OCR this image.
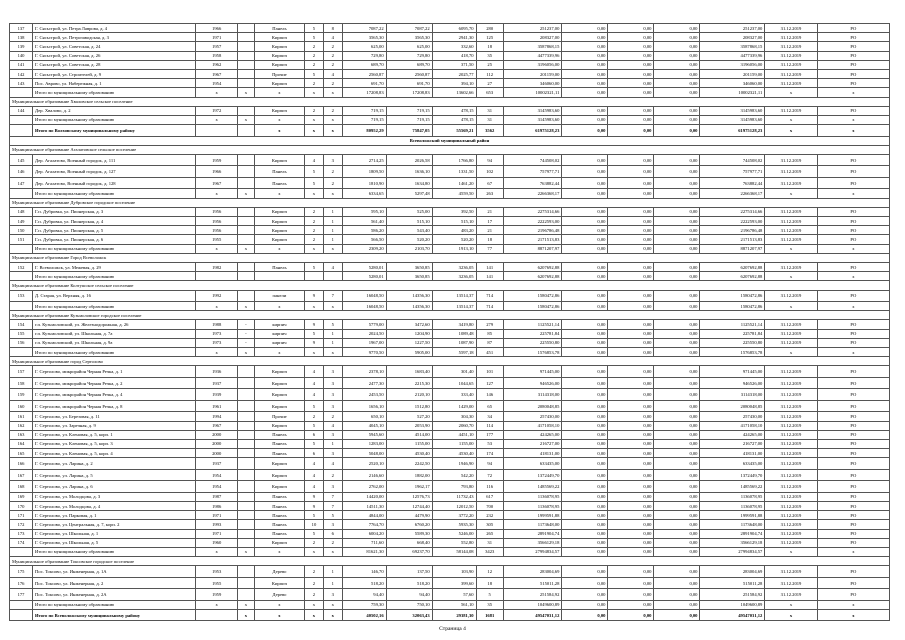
137	Г. Сясьстрой, ул. Петра Лаврова, д. 4	1966		Панель	5	8	7087,22	7087,22	6095,70	280	251237,00	0,00	0,00	0,00	251237,00	31.12.2019	РО
138	Г. Сясьстрой, ул. Петрозаводская, д. 3	1971		Кирпич	5	4	3565,30	3565,30	2941,30	125	208327,00	0,00	0,00	0,00	208327,00	31.12.2019	РО
139	Г. Сясьстрой, ул. Советская, д. 24	1957		Кирпич	2	2	625,00	625,00	332,60	18	3587868,15	0,00	0,00	0,00	3587868,15	31.12.2019	РО
140	Г. Сясьстрой, ул. Советская, д. 26	1958		Кирпич	2	2	729,80	729,80	418,70	35	4477339,96	0,00	0,00	0,00	4477339,96	31.12.2019	РО
141	Г. Сясьстрой, ул. Советская, д. 28	1962		Кирпич	2	2	689,70	689,70	371,50	25	3196056,00	0,00	0,00	0,00	3196056,00	31.12.2019	РО
142	Г. Сясьстрой, ул. Строителей, д. 9	1967		Прочие	5	4	2560,87	2560,87	2025,77	112	201159,00	0,00	0,00	0,00	201159,00	31.12.2019	РО
143	Пос. Аврово, ул. Набережная, д. 1	1954		Кирпич	2	2	691,70	691,70	394,10	27	346060,00	0,00	0,00	0,00	346060,00	31.12.2019	РО
	Итого по муниципальному образованию	х	х	х	х	х	17208,83	17208,83	13602,66	653	10002321,11	0,00	0,00	0,00	10002321,11	х	х
Муниципальное образование Хваловское сельское поселение																	
144	Дер. Хвалово, д. 2	1972		Кирпич	2	2	719,15	719,15	478,15	31	3145983,60	0,00	0,00	0,00	3145983,60	31.12.2019	РО
	Итого по муниципальному образованию	х	х	х	х	х	719,15	719,15	478,15	31	3145983,60	0,00	0,00	0,00	3145983,60	х	х
	Итого по Волховскому муниципальному району			х	х	х	80952,29	75847,05	55569,21	3562	61975128,23	0,00	0,00	0,00	61975128,23	х	х
Всеволожский муниципальный район																	
Муниципальное образование Агалатовское сельское поселение																	
145	Дер. Агалатово, Военный городок, д. 111	1959		Кирпич	4	3	2714,25	2026,58	1766,80	94	744508,02	0,00	0,00	0,00	744508,02	31.12.2019	РО
146	Дер. Агалатово, Военный городок, д. 127	1966		Панель	5	2	1809,50	1636,10	1331,50	102	757977,71	0,00	0,00	0,00	757977,71	31.12.2019	РО
147	Дер. Агалатово, Военный городок, д. 128	1967		Панель	5	2	1810,90	1634,80	1461,20	67	763882,44	0,00	0,00	0,00	763882,44	31.12.2019	РО
	Итого по муниципальному образованию	х	х	х	х	х	6334,65	5297,48	4559,50	263	2266368,17	0,00	0,00	0,00	2266368,17	х	х
Муниципальное образование Дубровское городское поселение																	
148	Г.п. Дубровка, ул. Пионерская, д. 3	1956		Кирпич	2	1	595,10	525,00	392,50	21	2275314,66	0,00	0,00	0,00	2275314,66	31.12.2019	РО
149	Г.п. Дубровка, ул. Пионерская, д. 4	1956		Кирпич	2	1	561,40	515,10	515,10	17	2222593,00	0,00	0,00	0,00	2222593,00	31.12.2019	РО
150	Г.п. Дубровка, ул. Пионерская, д. 5	1956		Кирпич	2	1	586,20	543,40	483,20	21	2196786,48	0,00	0,00	0,00	2196786,48	31.12.2019	РО
151	Г.п. Дубровка, ул. Пионерская, д. 6	1955		Кирпич	2	1	566,50	520,20	520,20	18	2171513,83	0,00	0,00	0,00	2171513,83	31.12.2019	РО
	Итого по муниципальному образованию	х	х	х	х	х	2309,20	2103,70	1913,10	77	8871207,97	0,00	0,00	0,00	8871207,97	х	х
Муниципальное образование Город Всеволожск																	
152	Г. Всеволожск, ул. Межевая, д. 29	1982		Панель	5	4	5280,01	3650,85	3236,05	141	6207692,88	0,00	0,00	0,00	6207692,88	31.12.2019	РО
	Итого по муниципальному образованию						5280,01	3650,85	3236,05	141	6207692,88	0,00	0,00	0,00	6207692,88	х	х
Муниципальное образование Колтушское сельское поселение																	
153	Д. Старая, ул. Верхняя, д. 16	1992		панели	9	7	16048,50	14356,30	13514,37	714	1580472,86	0,00	0,00	0,00	1580472,86	31.12.2019	РО
	Итого по муниципальному образованию	х	х	х	х	х	16048,50	14356,30	13514,37	714	1580472,86	0,00	0,00	0,00	1580472,86	х	х
Муниципальное образование Кузьмоловское городское поселение																	
154	г.п. Кузьмоловский, ул. Железнодорожная, д. 26	1988	-	кирпич	9	5	5779,00	3472,60	3419,80	279	1125521,14	0,00	0,00	0,00	1125521,14	31.12.2019	РО
155	г.п. Кузьмоловский, ул. Школьная, д. 7а	1973	-	кирпич	5	1	2024,50	1204,90	1089,48	85	225781,84	0,00	0,00	0,00	225781,84	31.12.2019	РО
156	г.п. Кузьмоловский, ул. Школьная, д. 9а	1973	-	кирпич	9	1	1967,00	1227,50	1087,90	87	225550,80	0,00	0,00	0,00	225550,80	31.12.2019	РО
	Итого по муниципальному образованию	х	х	х	х	х	9770,50	5905,00	5597,18	451	1576853,78	0,00	0,00	0,00	1576853,78	х	х
Муниципальное образование город Сертолово																	
157	Г. Сертолово, микрорайон Черная Речка, д. 1	1936		Кирпич	4	3	2378,10	1683,40	301,40	101	971445,00	0,00	0,00	0,00	971445,00	31.12.2019	РО
158	Г. Сертолово, микрорайон Черная Речка, д. 2	1937		Кирпич	4	3	2477,30	2215,30	1044,65	127	946526,00	0,00	0,00	0,00	946526,00	31.12.2019	РО
159	Г. Сертолово, микрорайон Черная Речка, д. 4	1939		Кирпич	4	3	2453,50	2120,10	333,40	146	3114318,00	0,00	0,00	0,00	3114318,00	31.12.2019	РО
160	Г. Сертолово, микрорайон Черная Речка, д. 8	1961		Кирпич	5	3	1656,10	1512,80	1429,00	65	2080048,85	0,00	0,00	0,00	2080048,85	31.12.2019	РО
161	Г. Сертолово, ул. Березовая, д. 11	1994		Прочие	2	2	650,10	527,20	304,30	34	257430,00	0,00	0,00	0,00	257430,00	31.12.2019	РО
162	Г. Сертолово, ул. Заречная, д. 9	1967		Кирпич	5	4	4045,10	2053,90	2060,70	114	4171058,10	0,00	0,00	0,00	4171058,10	31.12.2019	РО
163	Г. Сертолово, ул. Кленовая, д. 5, корп. 1	2000		Панель	6	3	5945,60	4514,00	4451,10	177	424265,00	0,00	0,00	0,00	424265,00	31.12.2019	РО
164	Г. Сертолово, ул. Кленовая, д. 5, корп. 3	2000		Панель	5	1	1283,00	1155,00	1155,00	53	216727,00	0,00	0,00	0,00	216727,00	31.12.2019	РО
165	Г. Сертолово, ул. Кленовая, д. 5, корп. 4	2000		Панель	6	3	5048,00	4530,40	4530,40	174	418131,00	0,00	0,00	0,00	418131,00	31.12.2019	РО
166	Г. Сертолово, ул. Ларина, д. 2	1937		Кирпич	4	4	2520,10	2242,50	1946,90	94	633435,00	0,00	0,00	0,00	633435,00	31.12.2019	РО
167	Г. Сертолово, ул. Ларина, д. 5	1954		Кирпич	4	2	2146,60	1882,00	542,20	72	1372449,70	0,00	0,00	0,00	1372449,70	31.12.2019	РО
168	Г. Сертолово, ул. Ларина, д. 6	1954		Кирпич	4	3	2762,00	1962,17	793,80	116	1485569,22	0,00	0,00	0,00	1485569,22	31.12.2019	РО
169	Г. Сертолово, ул. Молодцова, д. 3	1987		Панель	9	7	14420,00	12576,73	11732,43	617	1136078,95	0,00	0,00	0,00	1136078,95	31.12.2019	РО
170	Г. Сертолово, ул. Молодцова, д. 4	1986		Панель	9	7	14511,30	12744,40	12012,50	700	1136078,95	0,00	0,00	0,00	1136078,95	31.12.2019	РО
171	Г. Сертолово, ул. Парковая, д. 1	1971		Панель	5	5	4844,00	4479,90	3772,20	232	1999591,88	0,00	0,00	0,00	1999591,88	31.12.2019	РО
172	Г. Сертолово, ул. Центральная, д. 7, корп. 2	1993		Панель	10	3	7764,70	6760,20	5935,30	305	1173648,00	0,00	0,00	0,00	1173648,00	31.12.2019	РО
173	Г. Сертолово, ул. Школьная, д. 1	1971		Панель	5	6	6004,20	5589,30	5246,00	265	2891904,74	0,00	0,00	0,00	2891904,74	31.12.2019	РО
174	Г. Сертолово, ул. Школьная, д. 5	1960		Кирпич	2	2	711,60	668,40	552,80	31	3566129,18	0,00	0,00	0,00	3566129,18	31.12.2019	РО
	Итого по муниципальному образованию	х	х	х	х	х	81621,30	69237,70	58144,08	3423	27994834,57	0,00	0,00	0,00	27994834,57	х	х
Муниципальное образование Токсовское городское поселение																	
175	Пос. Токсово, ул. Инженерная, д. 1А	1953		Дерево	2	1	146,70	137,50	103,90	12	283004,69	0,00	0,00	0,00	283004,69	31.12.2019	РО
176	Пос. Токсово, ул. Инженерная, д. 2	1955		Кирпич	2	1	518,20	518,20	399,60	18	515011,28	0,00	0,00	0,00	515011,28	31.12.2019	РО
177	Пос. Токсово, ул. Инженерная, д. 2А	1959		Дерево	2	3	94,40	94,40	57,60	5	251584,92	0,00	0,00	0,00	251584,92	31.12.2019	РО
	Итого по муниципальному образованию	х	х	х	х	х	759,30	750,10	561,10	35	1049600,89	0,00	0,00	0,00	1049600,89	х	х
	Итого по Всеволожскому муниципальному району		х	х	х	х	40502,16	32063,43	29381,30	1681	49547031,12	0,00	0,00	0,00	49547031,12	х	х
Страница 4
